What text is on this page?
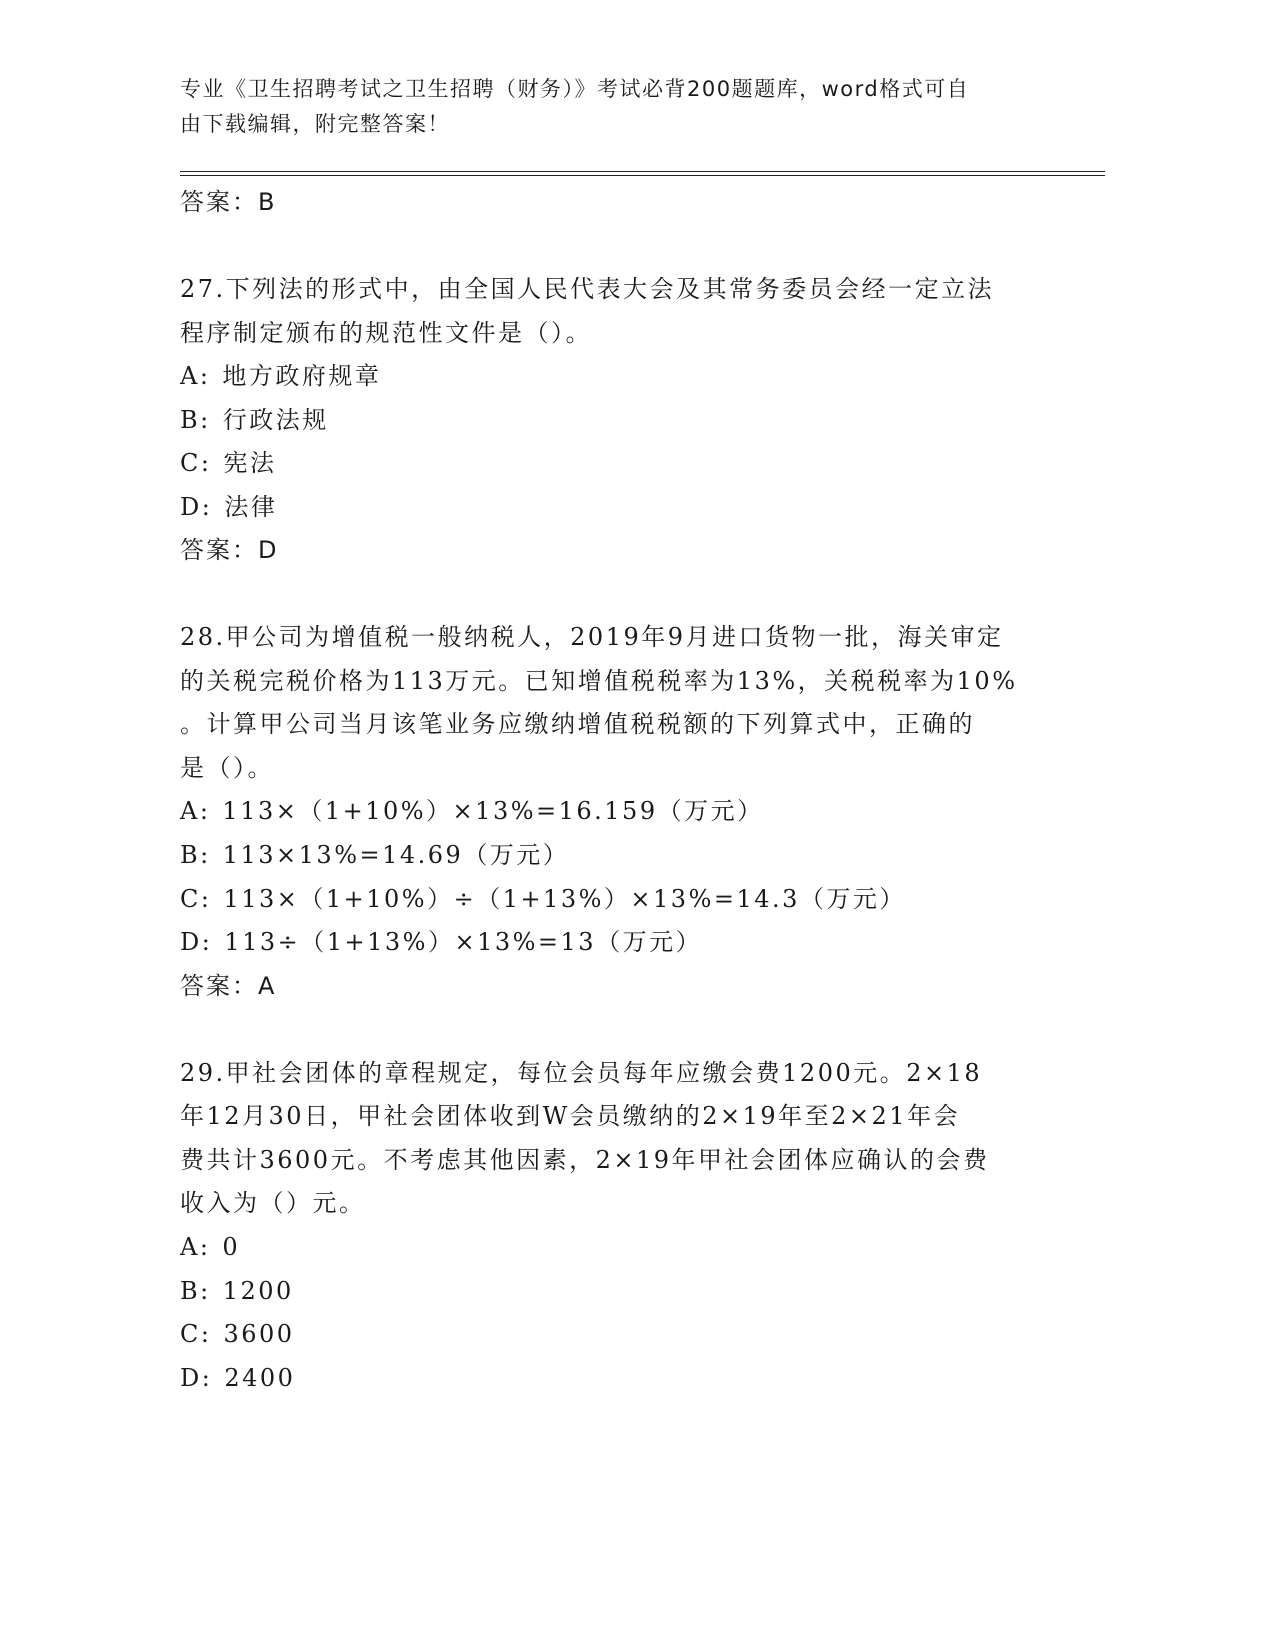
专业《卫生招聘考试之卫生招聘（财务）》考试必背200题题库，word格式可自
由下载编辑，附完整答案！
答案：B
27.下列法的形式中，由全国人民代表大会及其常务委员会经一定立法
程序制定颁布的规范性文件是（）。
A: 地方政府规章
B: 行政法规
C: 宪法
D: 法律
答案：D
28.甲公司为增值税一般纳税人，2019年9月进口货物一批，海关审定
的关税完税价格为113万元。已知增值税税率为13%，关税税率为10%
。计算甲公司当月该笔业务应缴纳增值税税额的下列算式中，正确的
是（）。
A: 113×（1+10%）×13%=16.159（万元）
B: 113×13%=14.69（万元）
C: 113×（1+10%）÷（1+13%）×13%=14.3（万元）
D: 113÷（1+13%）×13%=13（万元）
答案：A
29.甲社会团体的章程规定，每位会员每年应缴会费1200元。2×18
年12月30日，甲社会团体收到W会员缴纳的2×19年至2×21年会
费共计3600元。不考虑其他因素，2×19年甲社会团体应确认的会费
收入为（）元。
A: 0
B: 1200
C: 3600
D: 2400
